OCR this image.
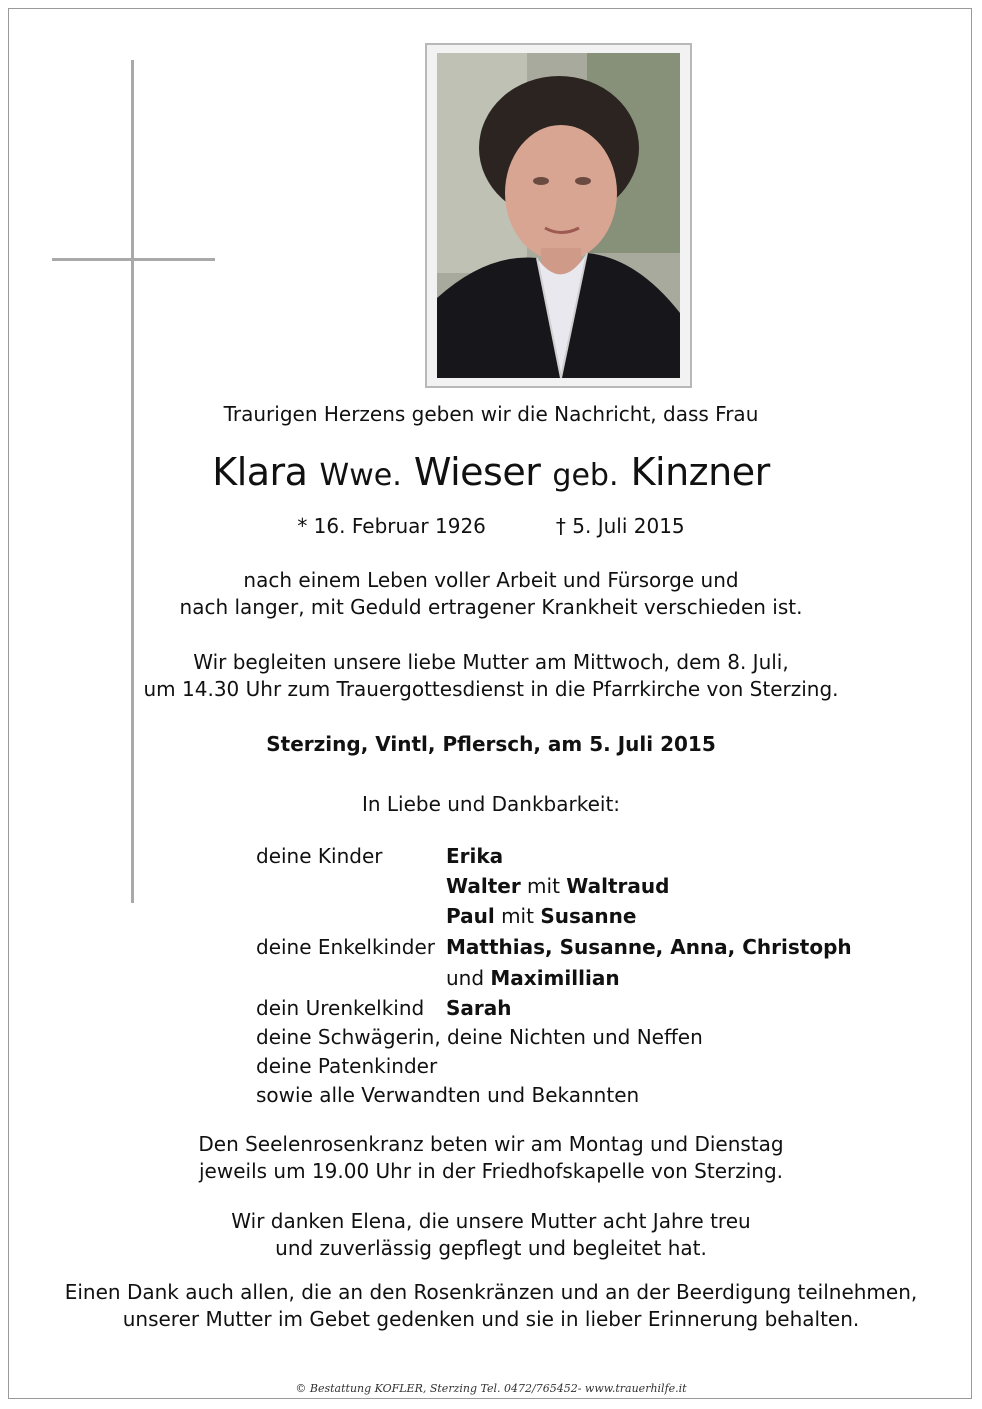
Traurigen Herzens geben wir die Nachricht, dass Frau
Klara Wwe. Wieser geb. Kinzner
* 16. Februar 1926	† 5. Juli 2015
nach einem Leben voller Arbeit und Fürsorge und
nach langer, mit Geduld ertragener Krankheit verschieden ist.
Wir begleiten unsere liebe Mutter am Mittwoch, dem 8. Juli,
um 14.30 Uhr zum Trauergottesdienst in die Pfarrkirche von Sterzing.
Sterzing, Vintl, Pflersch, am 5. Juli 2015
In Liebe und Dankbarkeit:
deine Kinder	Erika
Walter mit Waltraud
Paul mit Susanne
deine Enkelkinder Matthias, Susanne, Anna, Christoph
und Maximillian
dein Urenkelkind Sarah
deine Schwägerin, deine Nichten und Neffen
deine Patenkinder
sowie alle Verwandten und Bekannten
Den Seelenrosenkranz beten wir am Montag und Dienstag
jeweils um 19.00 Uhr in der Friedhofskapelle von Sterzing.
Wir danken Elena, die unsere Mutter acht Jahre treu
und zuverlässig gepflegt und begleitet hat.
Einen Dank auch allen, die an den Rosenkränzen und an der Beerdigung teilnehmen,
unserer Mutter im Gebet gedenken und sie in lieber Erinnerung behalten.
© Bestattung KOFLER, Sterzing Tel. 0472/765452- www.trauerhilfe.it
